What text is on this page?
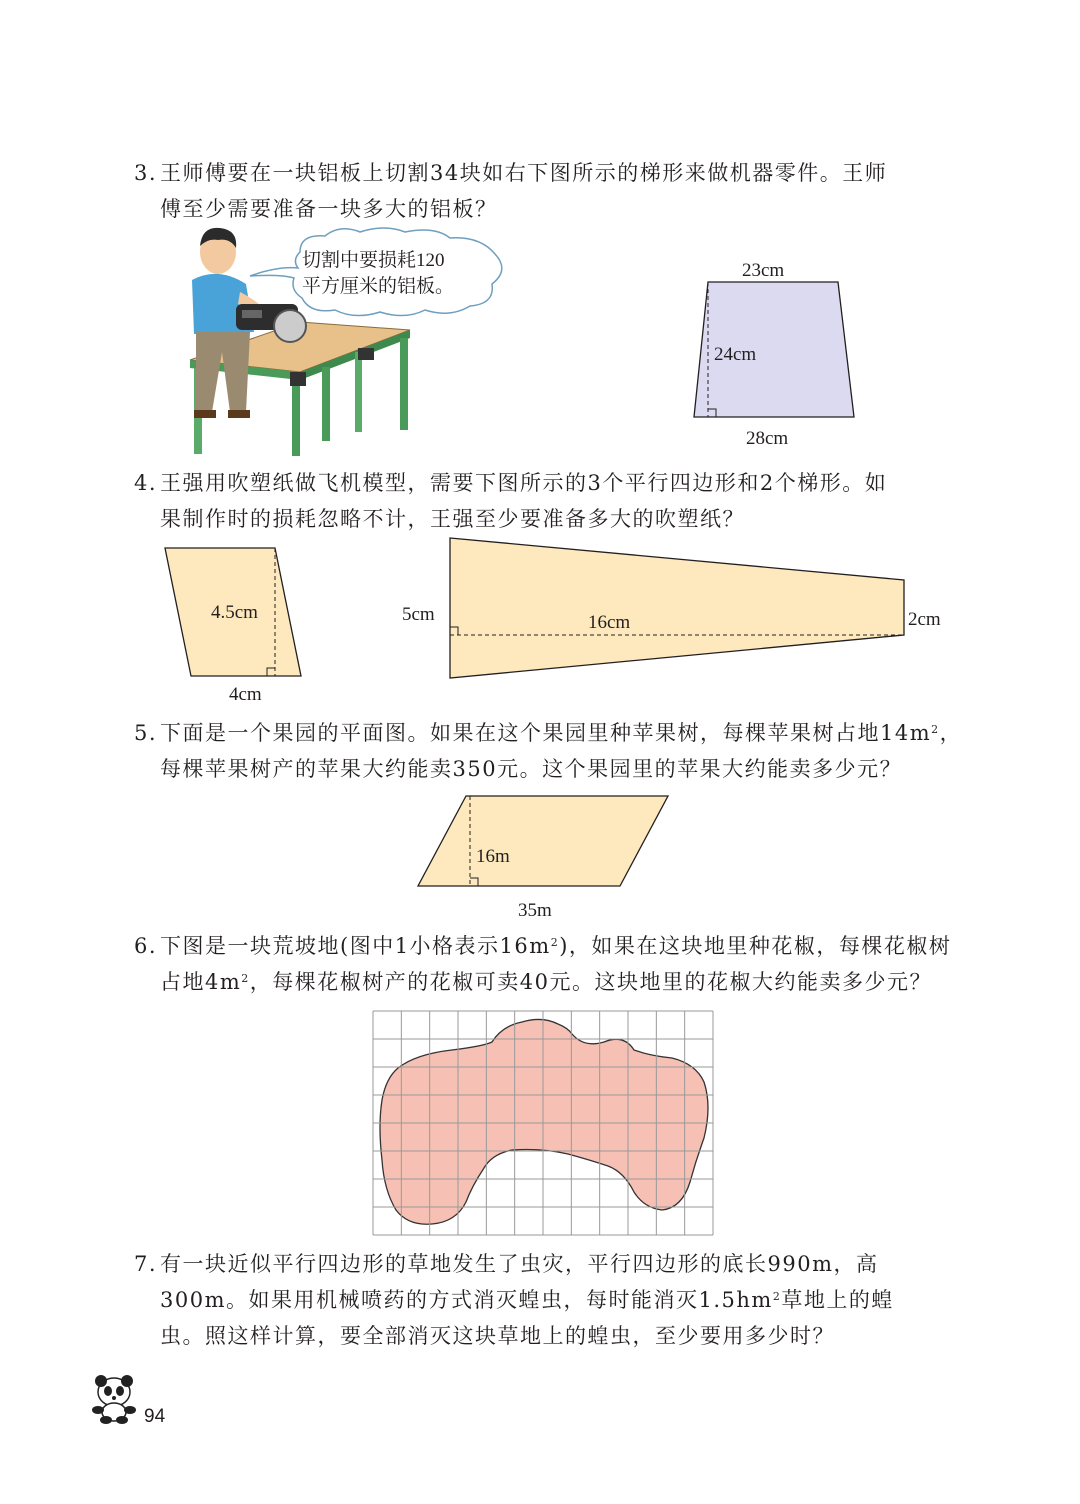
3. 王师傅要在一块铝板上切割34块如右下图所示的梯形来做机器零件。王师
傅至少需要准备一块多大的铝板？
切割中要损耗120
平方厘米的铝板。
23cm
24cm
28cm
4. 王强用吹塑纸做飞机模型，需要下图所示的3个平行四边形和2个梯形。如
果制作时的损耗忽略不计，王强至少要准备多大的吹塑纸？
4.5cm
4cm
5cm	16cm	2cm
5. 下面是一个果园的平面图。如果在这个果园里种苹果树，每棵苹果树占地$14m^2$，
每棵苹果树产的苹果大约能卖350元。这个果园里的苹果大约能卖多少元？
16m
35m
6. 下图是一块荒坡地(图中1小格表示$16m^2$)，如果在这块地里种花椒，每棵花椒树
占地$4m^2$，每棵花椒树产的花椒可卖40元。这块地里的花椒大约能卖多少元？
7. 有一块近似平行四边形的草地发生了虫灾，平行四边形的底长990m，高
300m。如果用机械喷药的方式消灭蝗虫，每时能消灭$1.5hm^2$草地上的蝗
虫。照这样计算，要全部消灭这块草地上的蝗虫，至少要用多少时？
94
